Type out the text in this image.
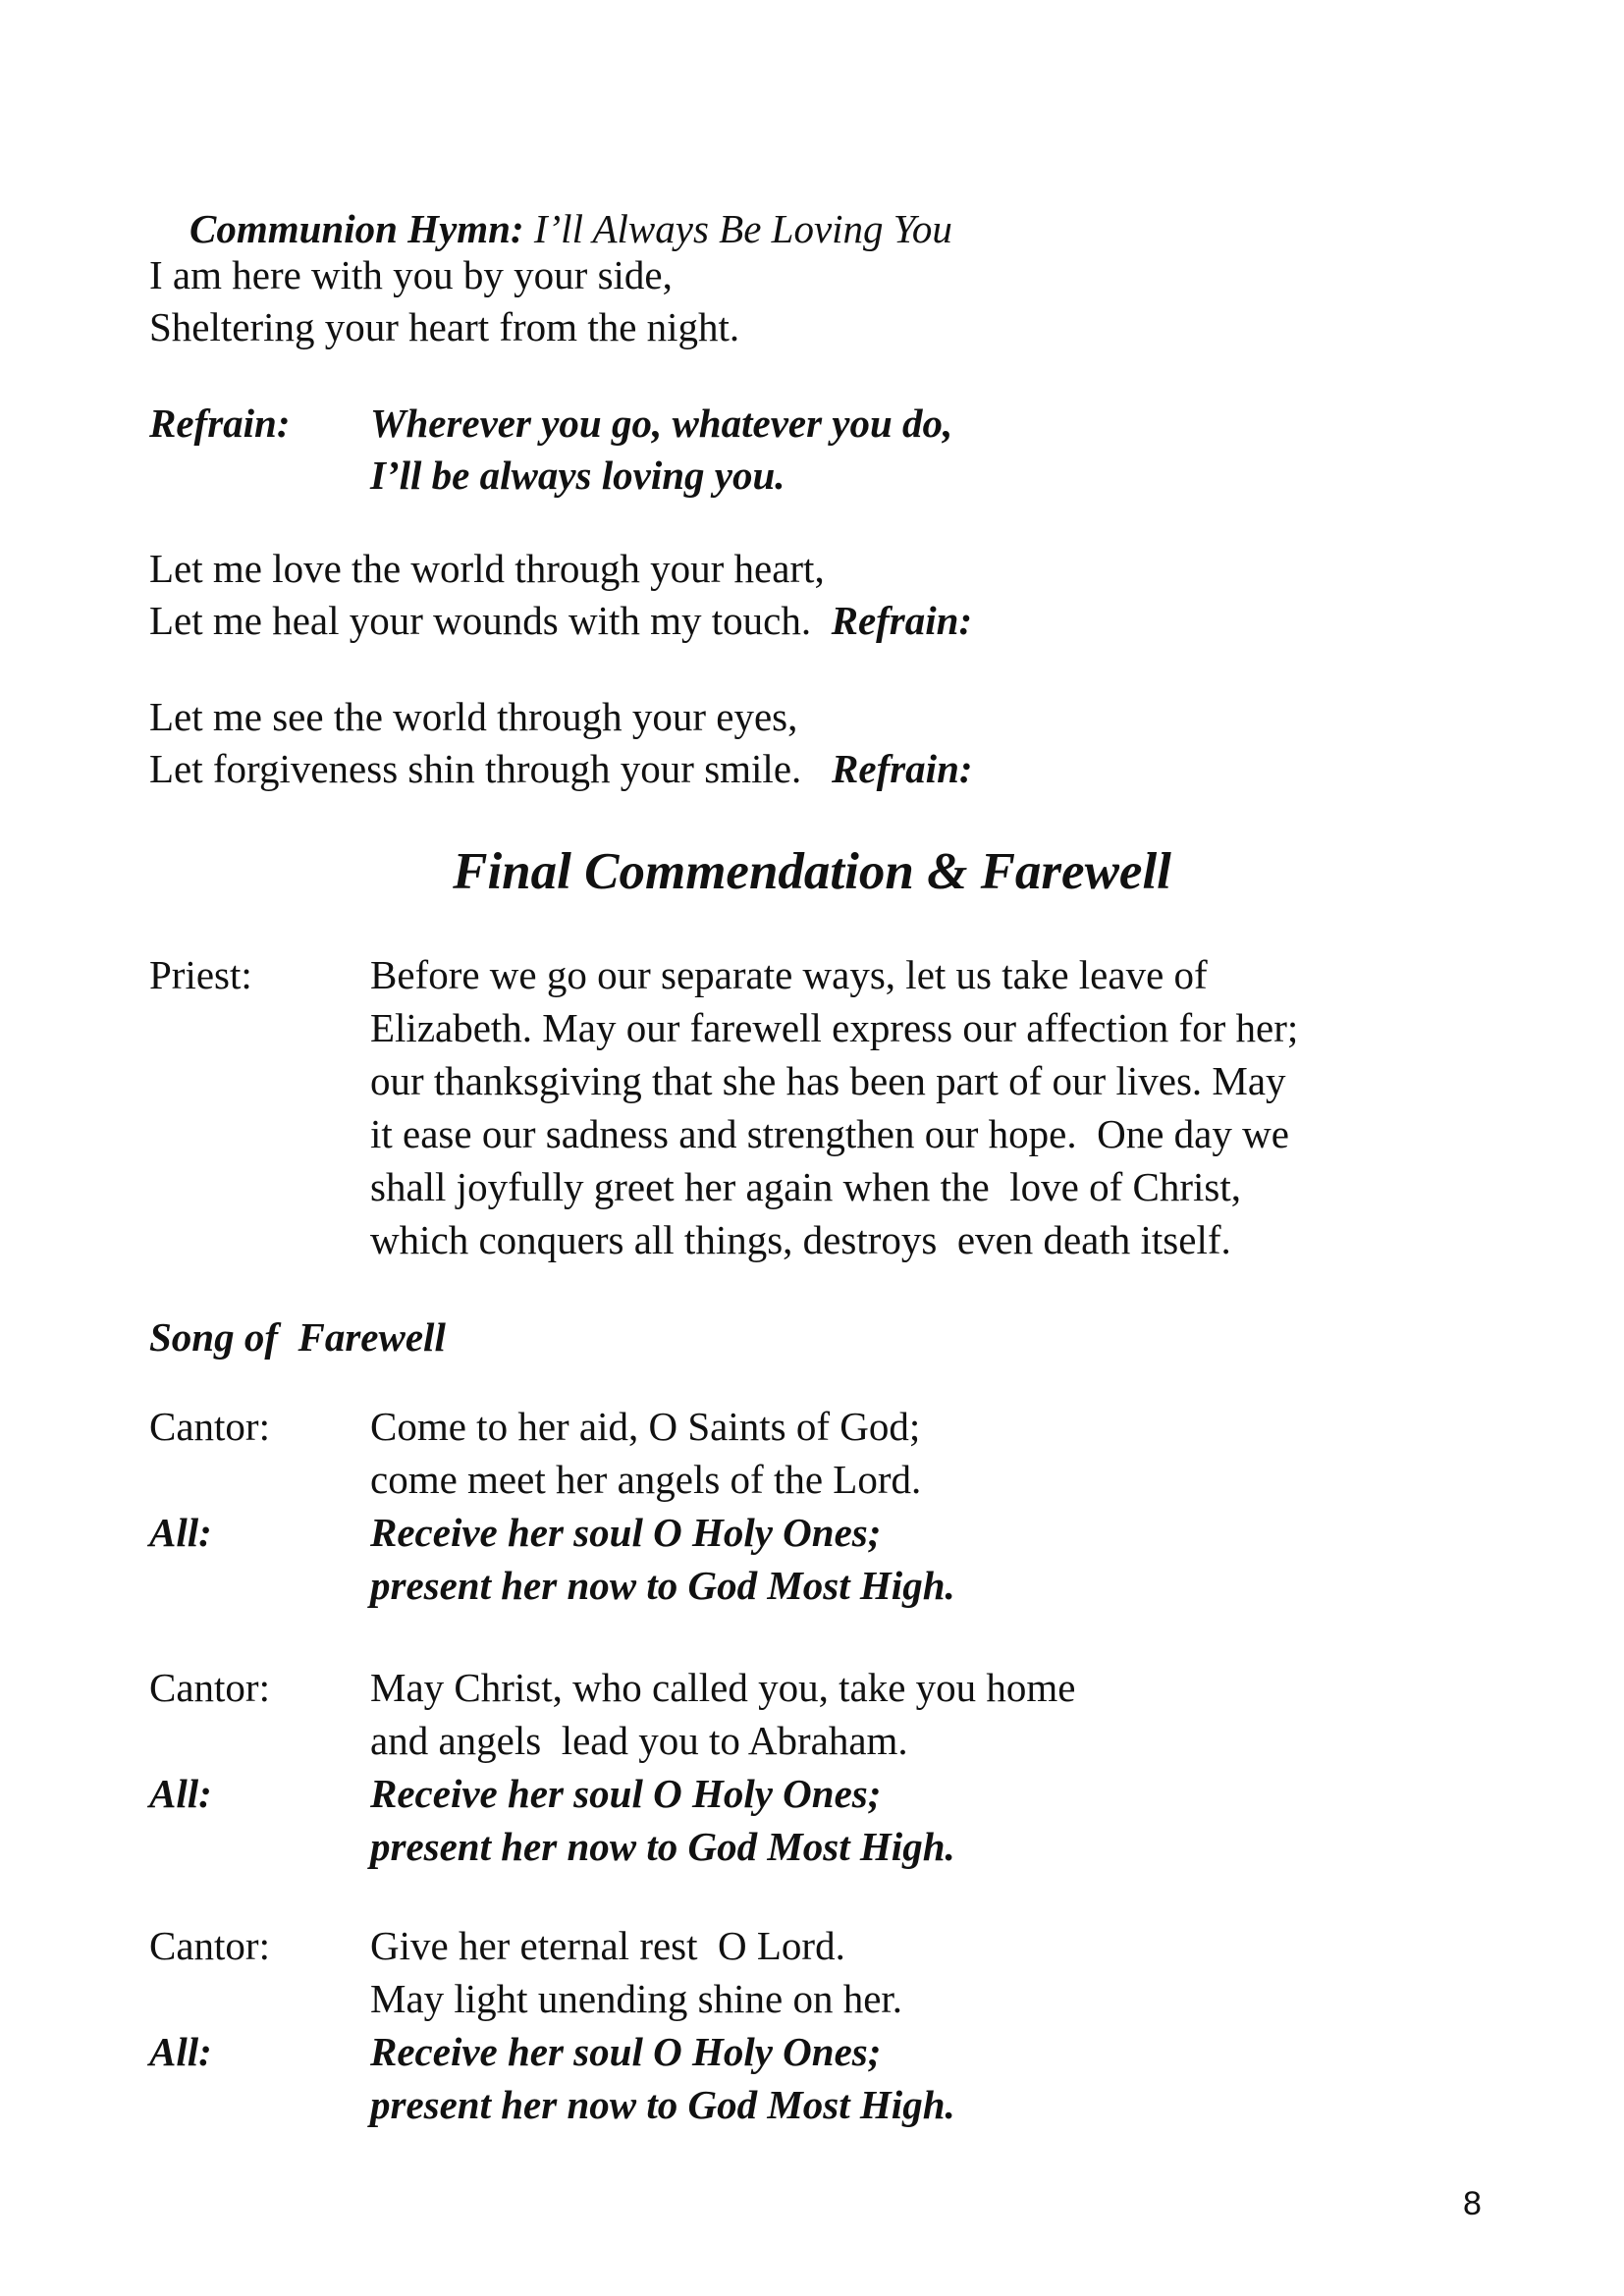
Communion Hymn: I’ll Always Be Loving You

I am here with you by your side,
Sheltering your heart from the night.
Refrain: Wherever you go, whatever you do,
I’ll be always loving you.
Let me love the world through your heart,
Let me heal your wounds with my touch. Refrain:
Let me see the world through your eyes,
Let forgiveness shin through your smile. Refrain:
Final Commendation & Farewell
Priest:	Before we go our separate ways, let us take leave of
Elizabeth. May our farewell express our affection for her;
our thanksgiving that she has been part of our lives. May
it ease our sadness and strengthen our hope.  One day we
shall joyfully greet her again when the  love of Christ,
which conquers all things, destroys  even death itself.
Song of  Farewell
Cantor: Come to her aid, O Saints of God;
come meet her angels of the Lord.
All:	Receive her soul O Holy Ones;
present her now to God Most High.
Cantor: May Christ, who called you, take you home
and angels  lead you to Abraham.
All:	Receive her soul O Holy Ones;
present her now to God Most High.
Cantor: Give her eternal rest  O Lord.
May light unending shine on her.
All:	Receive her soul O Holy Ones;
present her now to God Most High.
8
